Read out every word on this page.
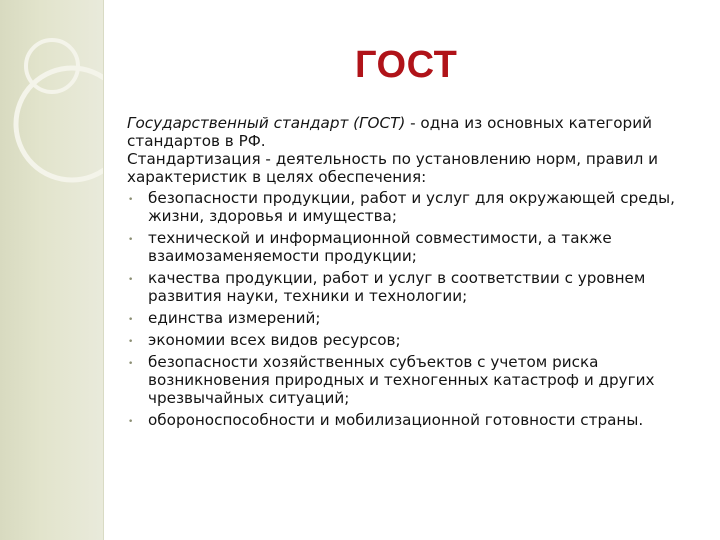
ГОСТ

Государственный стандарт (ГОСТ) - одна из основных категорий стандартов в РФ.

Стандартизация - деятельность по установлению норм, правил и характеристик в целях обеспечения:

• безопасности продукции, работ и услуг для окружающей среды, жизни, здоровья и имущества;
• технической и информационной совместимости, а также взаимозаменяемости продукции;
• качества продукции, работ и услуг в соответствии с уровнем развития науки, техники и технологии;
• единства измерений;
• экономии всех видов ресурсов;
• безопасности хозяйственных субъектов с учетом риска возникновения природных и техногенных катастроф и других чрезвычайных ситуаций;
• обороноспособности и мобилизационной готовности страны.
